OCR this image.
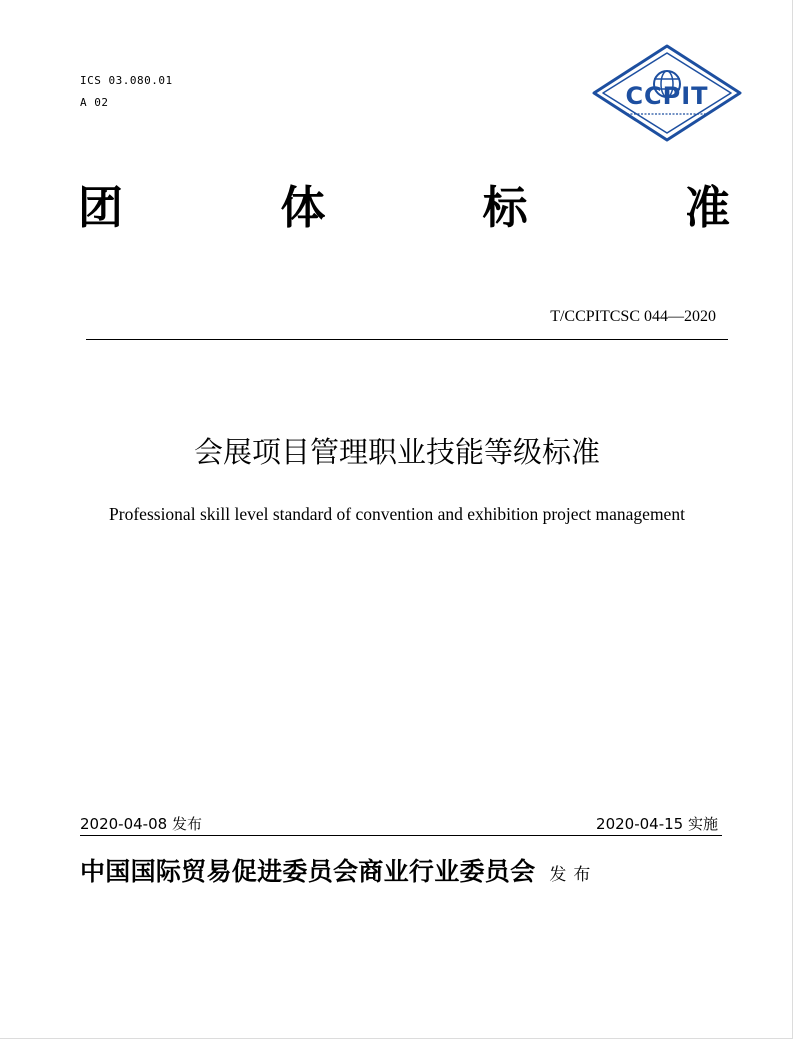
ICS 03.080.01
A 02	CCPIT
团	体	标	准
T/CCPITCSC 044—2020
会展项目管理职业技能等级标准
Professional skill level standard of convention and exhibition project management
2020-04-08 发布	2020-04-15 实施
中国国际贸易促进委员会商业行业委员会 发布
